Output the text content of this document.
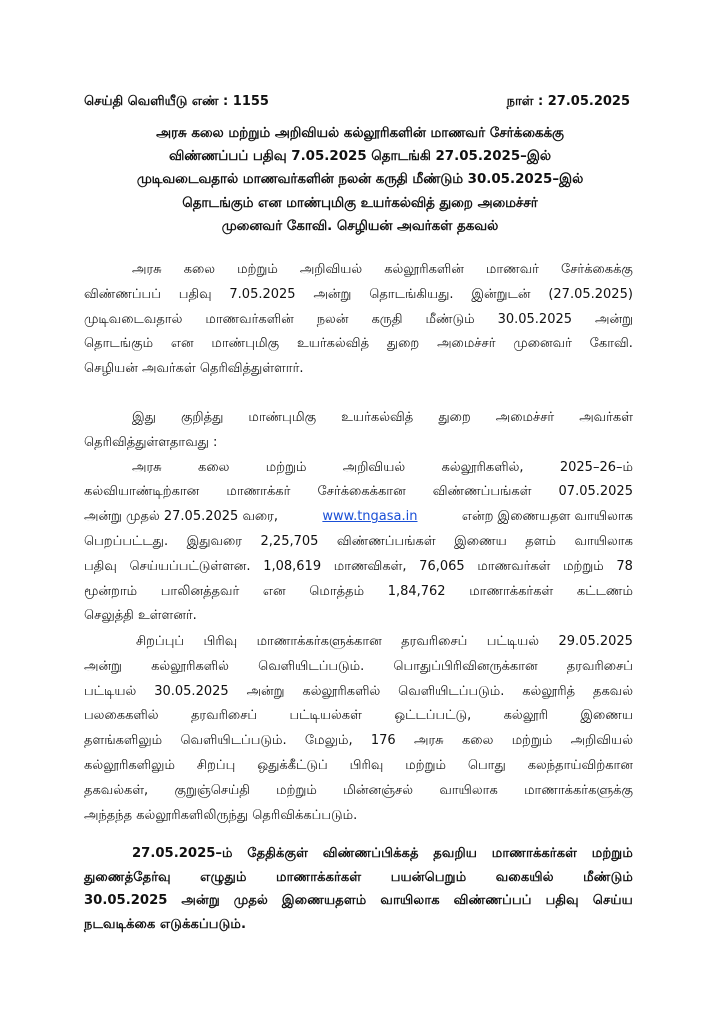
செய்தி வெளியீடு எண் : 1155	நாள் : 27.05.2025
அரசு கலை மற்றும் அறிவியல் கல்லூரிகளின் மாணவர் சேர்க்கைக்கு
விண்ணப்பப் பதிவு 7.05.2025 தொடங்கி 27.05.2025–இல்
முடிவடைவதால் மாணவர்களின் நலன் கருதி மீண்டும் 30.05.2025–இல்
தொடங்கும் என மாண்புமிகு உயர்கல்வித் துறை அமைச்சர்
முனைவர் கோவி. செழியன் அவர்கள் தகவல்
அரசு கலை மற்றும் அறிவியல் கல்லூரிகளின் மாணவர் சேர்க்கைக்கு
விண்ணப்பப் பதிவு 7.05.2025 அன்று தொடங்கியது. இன்றுடன் (27.05.2025)
முடிவடைவதால் மாணவர்களின் நலன் கருதி மீண்டும் 30.05.2025 அன்று
தொடங்கும் என மாண்புமிகு உயர்கல்வித் துறை அமைச்சர் முனைவர் கோவி.
செழியன் அவர்கள் தெரிவித்துள்ளார்.
இது குறித்து மாண்புமிகு உயர்கல்வித் துறை அமைச்சர் அவர்கள்
தெரிவித்துள்ளதாவது :
அரசு	கலை	மற்றும்	அறிவியல்	கல்லூரிகளில்,	2025–26–ம்
கல்வியாண்டிற்கான மாணாக்கர் சேர்க்கைக்கான விண்ணப்பங்கள் 07.05.2025
அன்று முதல் 27.05.2025 வரை,	www.tngasa.in	என்ற இணையதள வாயிலாக
பெறப்பட்டது. இதுவரை 2,25,705 விண்ணப்பங்கள் இணைய தளம் வாயிலாக
பதிவு செய்யப்பட்டுள்ளன. 1,08,619 மாணவிகள், 76,065 மாணவர்கள் மற்றும் 78
மூன்றாம் பாலினத்தவர் என மொத்தம் 1,84,762 மாணாக்கர்கள் கட்டணம்
செலுத்தி உள்ளனர்.
சிறப்புப் பிரிவு மாணாக்கர்களுக்கான தரவரிசைப் பட்டியல் 29.05.2025
அன்று கல்லூரிகளில் வெளியிடப்படும். பொதுப்பிரிவினருக்கான தரவரிசைப்
பட்டியல் 30.05.2025 அன்று கல்லூரிகளில் வெளியிடப்படும். கல்லூரித் தகவல்
பலகைகளில் தரவரிசைப் பட்டியல்கள் ஒட்டப்பட்டு, கல்லூரி இணைய
தளங்களிலும் வெளியிடப்படும். மேலும், 176 அரசு கலை மற்றும் அறிவியல்
கல்லூரிகளிலும் சிறப்பு ஒதுக்கீட்டுப் பிரிவு மற்றும் பொது கலந்தாய்விற்கான
தகவல்கள், குறுஞ்செய்தி மற்றும் மின்னஞ்சல் வாயிலாக மாணாக்கர்களுக்கு
அந்தந்த கல்லூரிகளிலிருந்து தெரிவிக்கப்படும்.
27.05.2025–ம் தேதிக்குள் விண்ணப்பிக்கத் தவறிய மாணாக்கர்கள் மற்றும்
துணைத்தேர்வு எழுதும் மாணாக்கர்கள் பயன்பெறும் வகையில் மீண்டும்
30.05.2025 அன்று முதல் இணையதளம் வாயிலாக விண்ணப்பப் பதிவு செய்ய
நடவடிக்கை எடுக்கப்படும்.
